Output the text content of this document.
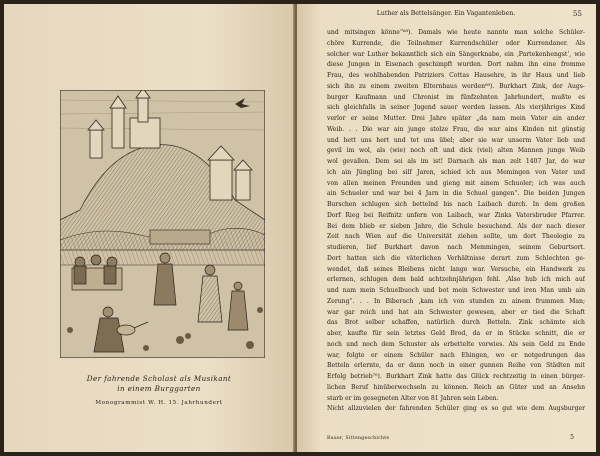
Der fahrende Scholast als Musikant
in einem Burggarten
Monogrammist W. H. 15. Jahrhundert
Luther als Bettelsänger. Ein Vagantenleben.	55
und mitsingen könne“⁶⁸). Damals wie heute nannte man solche Schüler-
chöre Kurrende, die Teilnehmer Kurrendschüler oder Kurrendaner. Als
solcher war Luther bekanntlich sich ein Sängerknabe, ein ‚Partekenhengst‘, wie
diese Jungen in Eisenach geschimpft wurden. Dort nahm ihn eine fromme
Frau, des wohlhabenden Patriziers Cottas Hausehre, in ihr Haus und lieb
sich ihn zu einem zweiten Elternhaus werden⁶⁹). Burkhart Zink, der Augs-
burger Kaufmann und Chronist im fünfzehnten Jahrhundert, mußte es
sich gleichfalls in seiner Jugend sauer werden lassen. Als vierjähriges Kind
verlor er seine Mutter. Drei Jahre später „da nam mein Vater ain ander
Weib. . . Die war ain junge stolze Frau, die war ains Kinden nit günstig
und hett uns hert und tet uns übel; aber sie war unserm Vater lieb und
gevil im wol, als (wie) noch oft und dick (viel) alten Mannen junge Weib
wol gevallen. Dem sei als im ist! Darnach als man zelt 1407 Jar, do war
ich ain Jüngling bei silf Jaren, schied ich aus Memingen von Vater und
von allen meinen Freunden und gieng mit ainem Schuoler; ich was auch
ain Schueler und war bei 4 Jarn in die Schuel gangen“. Die beiden Jungen
Burschen schlugen sich bettelnd bis nach Laibach durch. In dem großen
Dorf Rieg bei Reifnitz unfern von Laibach, war Zinks Vatersbruder Pfarrer.
Bei dem blieb er sieben Jahre, die Schule besuchend. Als der nach dieser
Zeit nach Wien auf die Universität ziehen sollte, um dort Theologie zu
studieren, lief Burkhart davon nach Memmingen, seinem Geburtsort.
Dort hatten sich die väterlichen Verhältnisse derart zum Schlechten ge-
wendet, daß seines Bleibens nicht lange war. Versuche, ein Handwerk zu
erlernen, schlugen dem bald achtzehnjährigen fehl. ‚Also hub ich mich auf
und nam mein Schuelbuoch und bot mein Schwester und iren Man umb ain
Zerung“. . . In Biberach ‚kam ich von stunden zu ainem frummen Man;
war gar reich und hat ain Schwester gewesen, aber er tied die Schaft
das Brot selber schaffen, natürlich durch Betteln. Zink schämte sich
aber, kaufte für sein letztes Geld Brod, da er in Stücke schnitt, die er
noch und noch dem Schuster als erbettelte vorwies. Als sein Geld zu Ende
war, folgte er einem Schüler nach Ehingen, wo er notgedrungen das
Betteln erlernte, da er dann noch in einer gunnen Reihe von Städten mit
Erfolg betrieb⁷⁰). Burkhart Zink hatte das Glück rechtzeitig in einen bürger-
lichen Beruf hinüberwechseln zu können. Reich an Güter und an Ansehn
starb er im gesegneten Alter von 81 Jahren sein Leben.
Nicht allzuvielen der fahrenden Schüler ging es so gut wie dem Augsburger
Bauer, Sittengeschichte	5
